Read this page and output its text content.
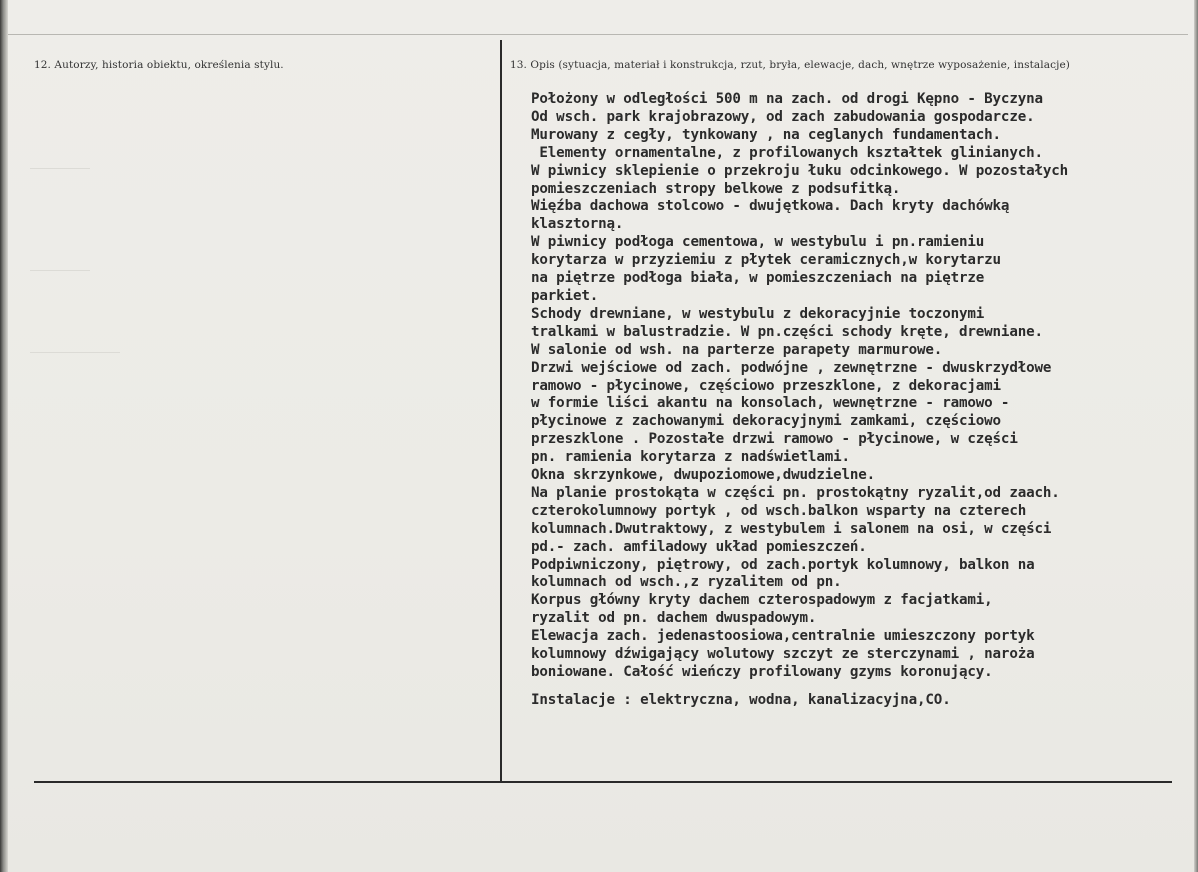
12. Autorzy, historia obiektu, określenia stylu.	13. Opis (sytuacja, materiał i konstrukcja, rzut, bryła, elewacje, dach, wnętrze wyposażenie, instalacje)
Położony w odległości 500 m na zach. od drogi Kępno - Byczyna
Od wsch. park krajobrazowy, od zach zabudowania gospodarcze.
Murowany z cegły, tynkowany , na ceglanych fundamentach.
Elementy ornamentalne, z profilowanych kształtek glinianych.
W piwnicy sklepienie o przekroju łuku odcinkowego. W pozostałych
pomieszczeniach stropy belkowe z podsufitką.
Więźba dachowa stolcowo - dwujętkowa. Dach kryty dachówką
klasztorną.
W piwnicy podłoga cementowa, w westybulu i pn.ramieniu
korytarza w przyziemiu z płytek ceramicznych,w korytarzu
na piętrze podłoga biała, w pomieszczeniach na piętrze
parkiet.
Schody drewniane, w westybulu z dekoracyjnie toczonymi
tralkami w balustradzie. W pn.części schody kręte, drewniane.
W salonie od wsh. na parterze parapety marmurowe.
Drzwi wejściowe od zach. podwójne , zewnętrzne - dwuskrzydłowe
ramowo - płycinowe, częściowo przeszklone, z dekoracjami
w formie liści akantu na konsolach, wewnętrzne - ramowo -
płycinowe z zachowanymi dekoracyjnymi zamkami, częściowo
przeszklone . Pozostałe drzwi ramowo - płycinowe, w części
pn. ramienia korytarza z nadświetlami.
Okna skrzynkowe, dwupoziomowe,dwudzielne.
Na planie prostokąta w części pn. prostokątny ryzalit,od zaach.
czterokolumnowy portyk , od wsch.balkon wsparty na czterech
kolumnach.Dwutraktowy, z westybulem i salonem na osi, w części
pd.- zach. amfiladowy układ pomieszczeń.
Podpiwniczony, piętrowy, od zach.portyk kolumnowy, balkon na
kolumnach od wsch.,z ryzalitem od pn.
Korpus główny kryty dachem czterospadowym z facjatkami,
ryzalit od pn. dachem dwuspadowym.
Elewacja zach. jedenastoosiowa,centralnie umieszczony portyk
kolumnowy dźwigający wolutowy szczyt ze sterczynami , naroża
boniowane. Całość wieńczy profilowany gzyms koronujący.
Instalacje : elektryczna, wodna, kanalizacyjna,CO.
